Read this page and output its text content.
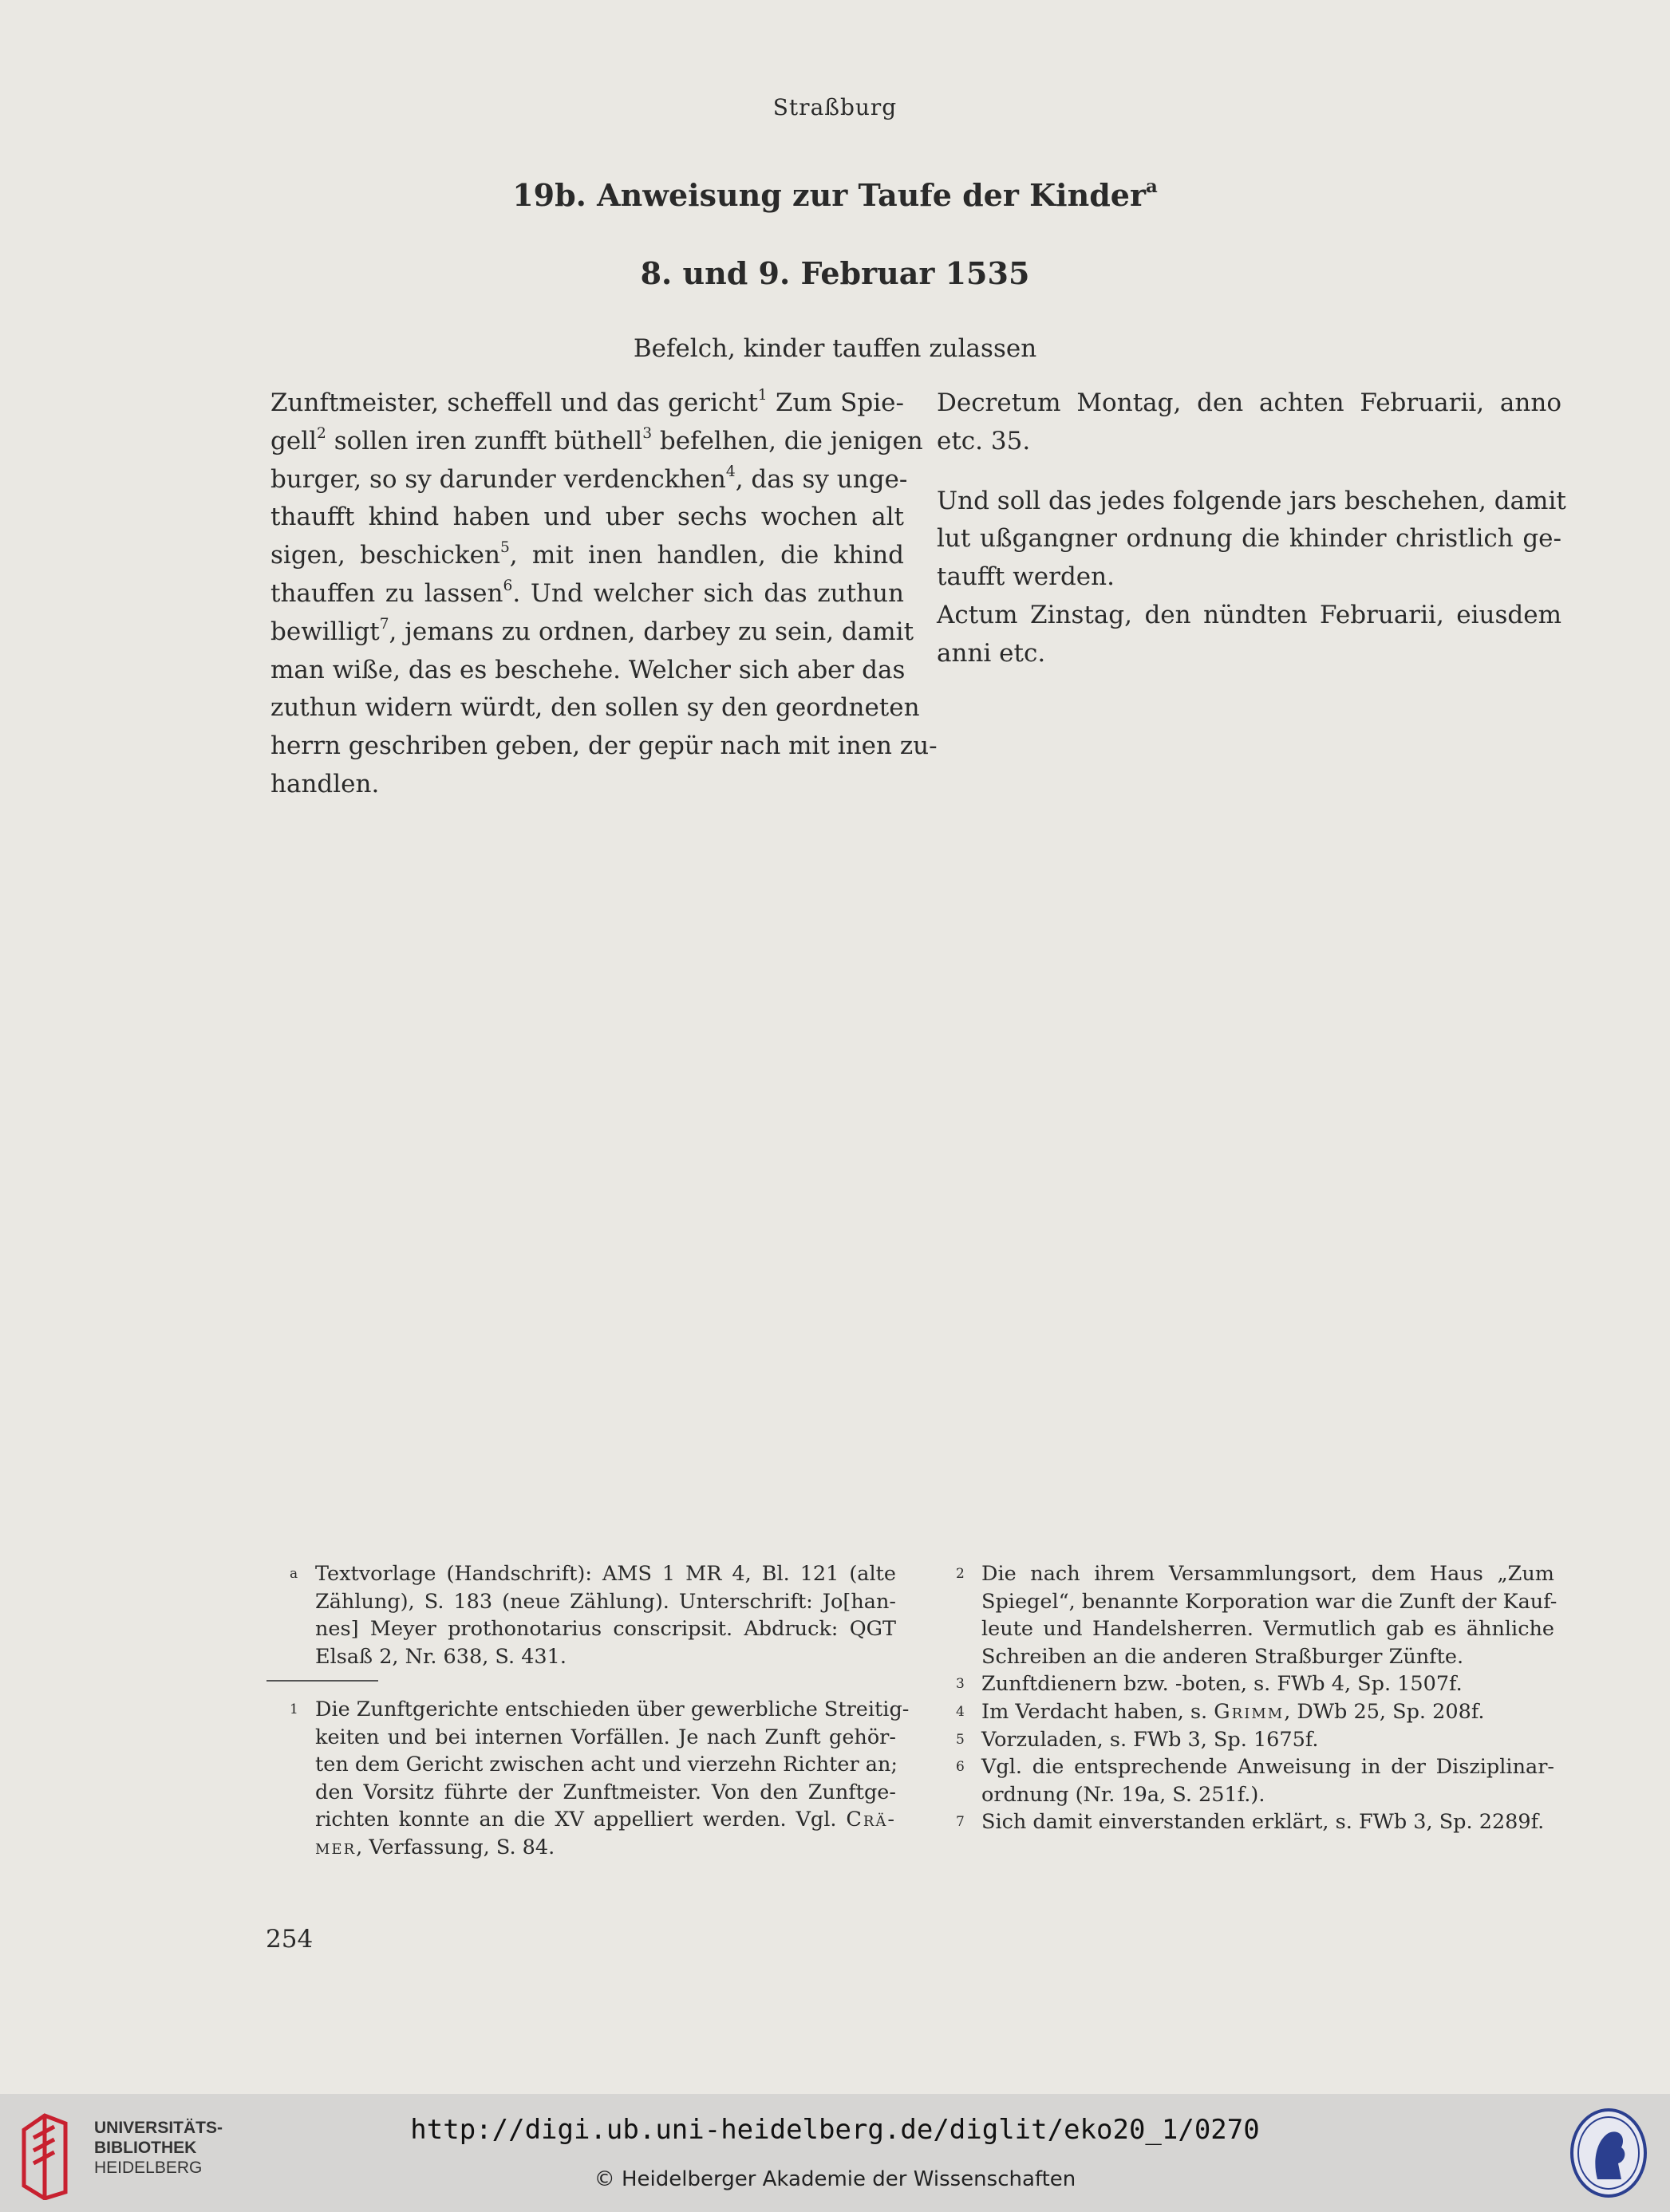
Straßburg
19b. Anweisung zur Taufe der Kinder$^a$
8. und 9. Februar 1535
Befelch, kinder tauffen zulassen
Zunftmeister, scheffell und das gericht$^1$ Zum Spie-
gell$^2$ sollen iren zunfft büthell$^3$ befelhen, die jenigen
burger, so sy darunder verdenckhen$^4$, das sy unge-
thaufft khind haben und uber sechs wochen alt
sigen, beschicken$^5$, mit inen handlen, die khind
thauffen zu lassen$^6$. Und welcher sich das zuthun
bewilligt$^7$, jemans zu ordnen, darbey zu sein, damit
man wiße, das es beschehe. Welcher sich aber das
zuthun widern würdt, den sollen sy den geordneten
herrn geschriben geben, der gepür nach mit inen zu-
handlen.
Decretum Montag, den achten Februarii, anno
etc. 35.
Und soll das jedes folgende jars beschehen, damit
lut ußgangner ordnung die khinder christlich ge-
taufft werden.
Actum Zinstag, den nündten Februarii, eiusdem
anni etc.
a Textvorlage (Handschrift): AMS 1 MR 4, Bl. 121 (alte
Zählung), S. 183 (neue Zählung). Unterschrift: Jo[han-
nes] Meyer prothonotarius conscripsit. Abdruck: QGT
Elsaß 2, Nr. 638, S. 431.
1 Die Zunftgerichte entschieden über gewerbliche Streitig-
keiten und bei internen Vorfällen. Je nach Zunft gehör-
ten dem Gericht zwischen acht und vierzehn Richter an;
den Vorsitz führte der Zunftmeister. Von den Zunftge-
richten konnte an die XV appelliert werden. Vgl. Crä-
mer, Verfassung, S. 84.
2 Die nach ihrem Versammlungsort, dem Haus „Zum
Spiegel“, benannte Korporation war die Zunft der Kauf-
leute und Handelsherren. Vermutlich gab es ähnliche
Schreiben an die anderen Straßburger Zünfte.
3 Zunftdienern bzw. -boten, s. FWb 4, Sp. 1507f.
4 Im Verdacht haben, s. Grimm, DWb 25, Sp. 208f.
5 Vorzuladen, s. FWb 3, Sp. 1675f.
6 Vgl. die entsprechende Anweisung in der Disziplinar-
ordnung (Nr. 19a, S. 251f.).
7 Sich damit einverstanden erklärt, s. FWb 3, Sp. 2289f.
254
UNIVERSITÄTS-
BIBLIOTHEK
HEIDELBERG
http://digi.ub.uni-heidelberg.de/diglit/eko20_1/0270
© Heidelberger Akademie der Wissenschaften
